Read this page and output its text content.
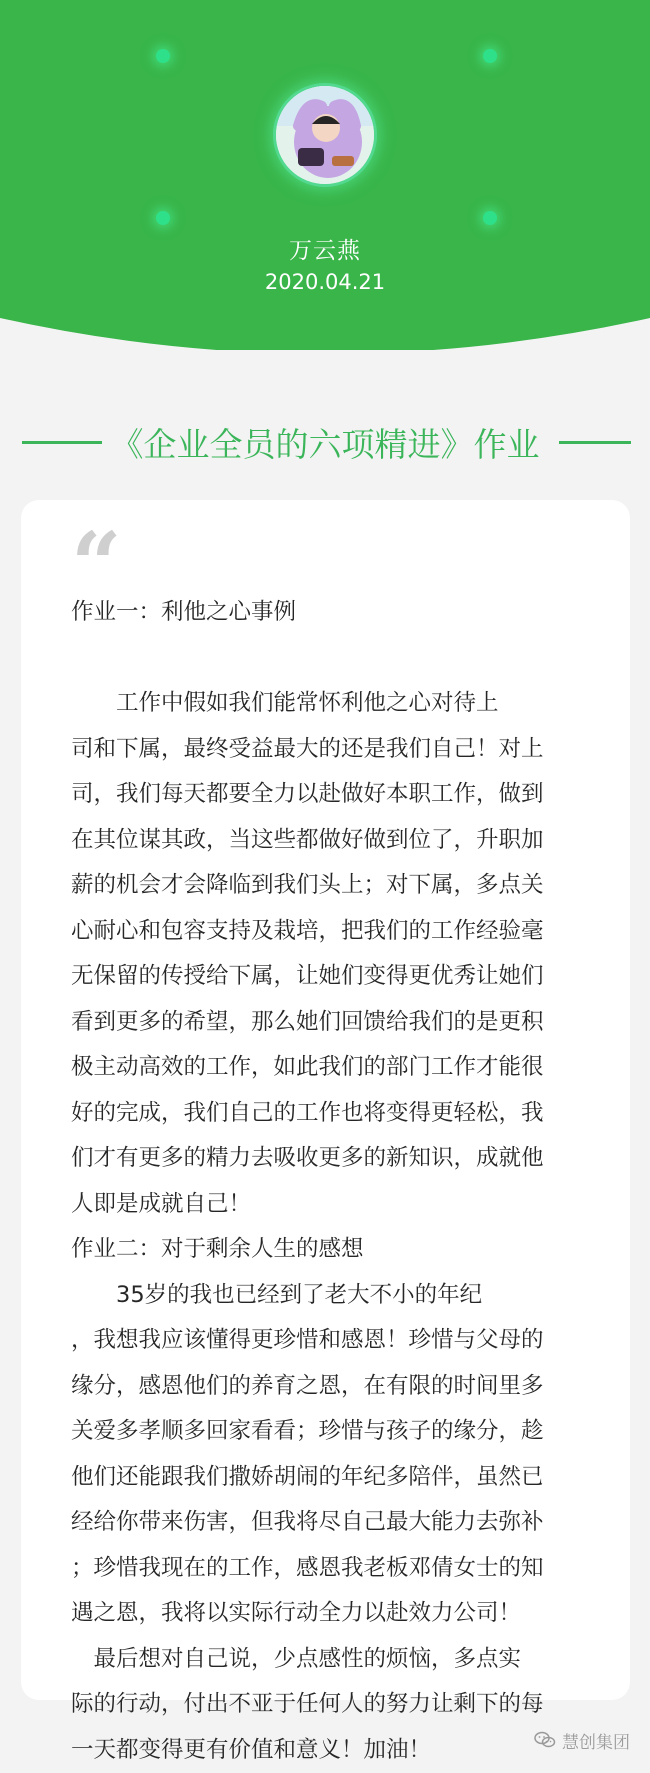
万云燕
2020.04.21
《企业全员的六项精进》作业
“
作业一：利他之心事例
　　工作中假如我们能常怀利他之心对待上
司和下属，最终受益最大的还是我们自己！对上
司，我们每天都要全力以赴做好本职工作，做到
在其位谋其政，当这些都做好做到位了，升职加
薪的机会才会降临到我们头上；对下属，多点关
心耐心和包容支持及栽培，把我们的工作经验毫
无保留的传授给下属，让她们变得更优秀让她们
看到更多的希望，那么她们回馈给我们的是更积
极主动高效的工作，如此我们的部门工作才能很
好的完成，我们自己的工作也将变得更轻松，我
们才有更多的精力去吸收更多的新知识，成就他
人即是成就自己！
作业二：对于剩余人生的感想
　　35岁的我也已经到了老大不小的年纪
，我想我应该懂得更珍惜和感恩！珍惜与父母的
缘分，感恩他们的养育之恩，在有限的时间里多
关爱多孝顺多回家看看；珍惜与孩子的缘分，趁
他们还能跟我们撒娇胡闹的年纪多陪伴，虽然已
经给你带来伤害，但我将尽自己最大能力去弥补
；珍惜我现在的工作，感恩我老板邓倩女士的知
遇之恩，我将以实际行动全力以赴效力公司！
　最后想对自己说，少点感性的烦恼，多点实
际的行动，付出不亚于任何人的努力让剩下的每
一天都变得更有价值和意义！加油！	慧创集团
